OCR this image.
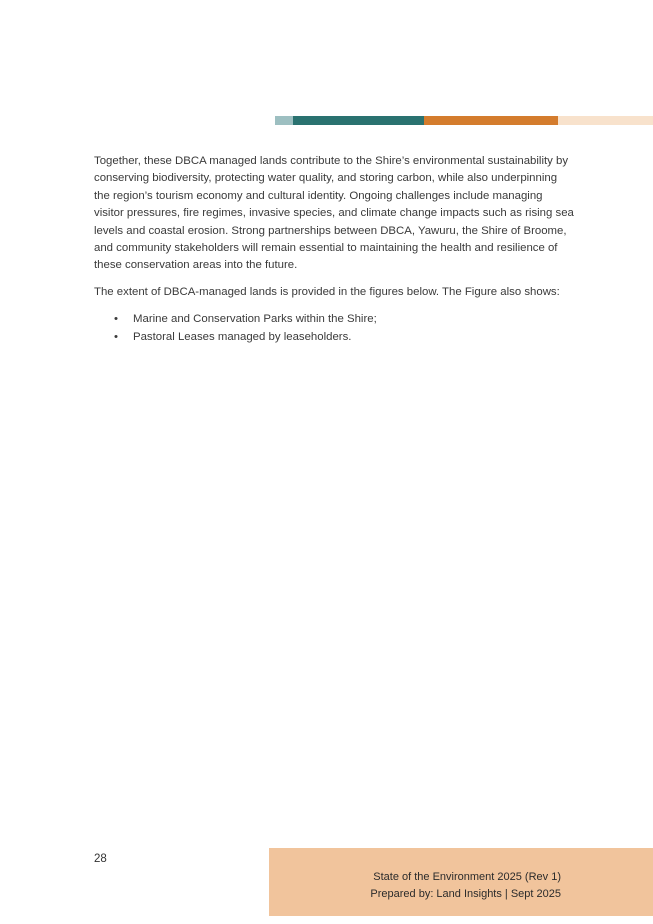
Together, these DBCA managed lands contribute to the Shire’s environmental sustainability by conserving biodiversity, protecting water quality, and storing carbon, while also underpinning the region’s tourism economy and cultural identity. Ongoing challenges include managing visitor pressures, fire regimes, invasive species, and climate change impacts such as rising sea levels and coastal erosion. Strong partnerships between DBCA, Yawuru, the Shire of Broome, and community stakeholders will remain essential to maintaining the health and resilience of these conservation areas into the future.

The extent of DBCA-managed lands is provided in the figures below. The Figure also shows:

• Marine and Conservation Parks within the Shire;
• Pastoral Leases managed by leaseholders.
28
State of the Environment 2025 (Rev 1)
Prepared by: Land Insights | Sept 2025
